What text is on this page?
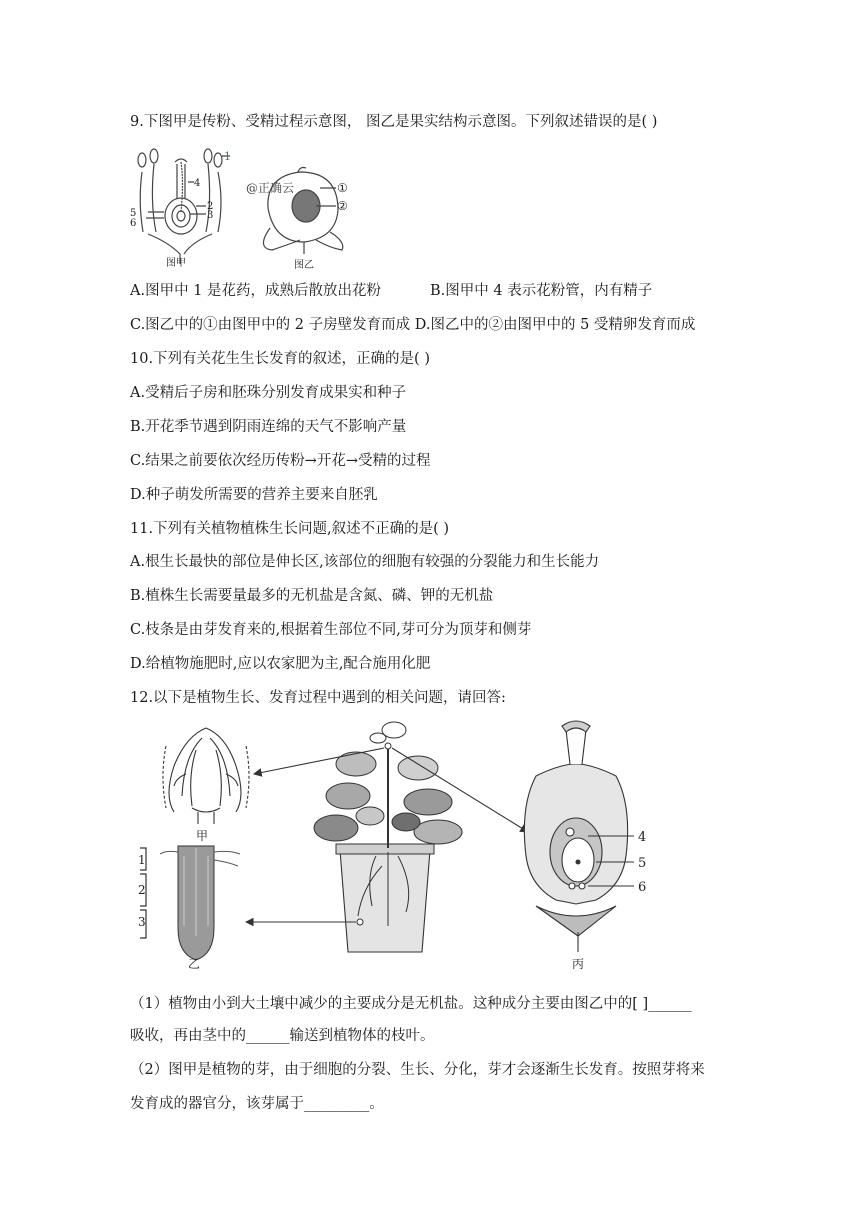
9.下图甲是传粉、受精过程示意图， 图乙是果实结构示意图。下列叙述错误的是( )
1
4
2
5	3
6
图甲
@正确云	①
②
图乙
A.图甲中 1 是花药，成熟后散放出花粉	B.图甲中 4 表示花粉管，内有精子
C.图乙中的①由图甲中的 2 子房壁发育而成 D.图乙中的②由图甲中的 5 受精卵发育而成
10.下列有关花生生长发育的叙述，正确的是( )
A.受精后子房和胚珠分别发育成果实和种子
B.开花季节遇到阴雨连绵的天气不影响产量
C.结果之前要依次经历传粉→开花→受精的过程
D.种子萌发所需要的营养主要来自胚乳
11.下列有关植物植株生长问题,叙述不正确的是( )
A.根生长最快的部位是伸长区,该部位的细胞有较强的分裂能力和生长能力
B.植株生长需要量最多的无机盐是含氮、磷、钾的无机盐
C.枝条是由芽发育来的,根据着生部位不同,芽可分为顶芽和侧芽
D.给植物施肥时,应以农家肥为主,配合施用化肥
12.以下是植物生长、发育过程中遇到的相关问题，请回答:
甲
1
2
3
乙
4
5
6
丙
（1）植物由小到大土壤中减少的主要成分是无机盐。这种成分主要由图乙中的[ ]______
吸收，再由茎中的______输送到植物体的枝叶。
（2）图甲是植物的芽，由于细胞的分裂、生长、分化，芽才会逐渐生长发育。按照芽将来
发育成的器官分，该芽属于_________。
